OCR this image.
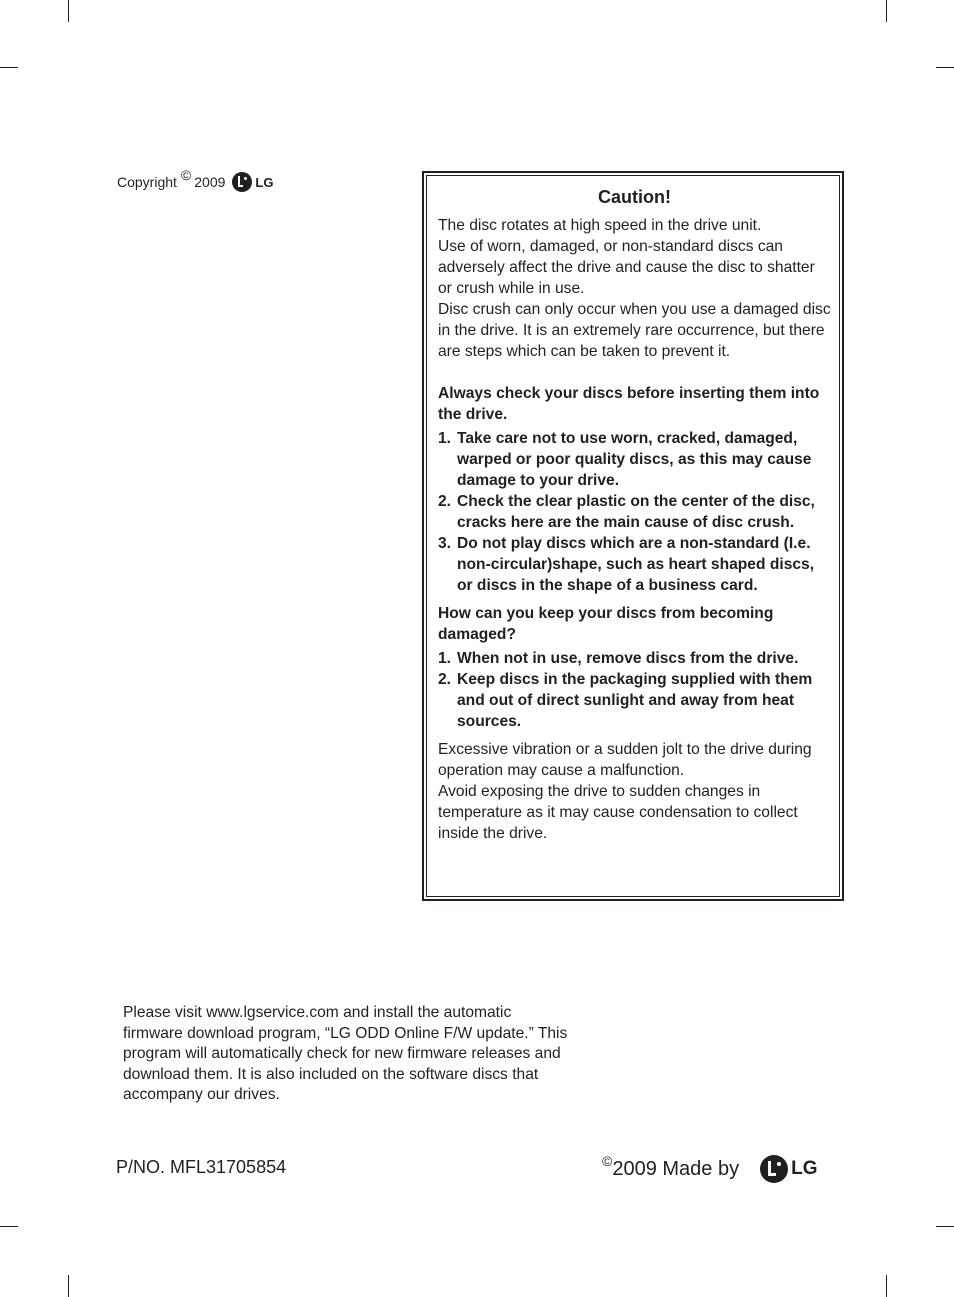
Copyright © 2009 LG
Caution!

The disc rotates at high speed in the drive unit.

Use of worn, damaged, or non-standard discs can adversely affect the drive and cause the disc to shatter or crush while in use.

Disc crush can only occur when you use a damaged disc in the drive. It is an extremely rare occurrence, but there are steps which can be taken to prevent it.

Always check your discs before inserting them into the drive.

1. Take care not to use worn, cracked, damaged, warped or poor quality discs, as this may cause damage to your drive.
2. Check the clear plastic on the center of the disc, cracks here are the main cause of disc crush.
3. Do not play discs which are a non-standard (I.e. non-circular)shape, such as heart shaped discs, or discs in the shape of a business card.

How can you keep your discs from becoming damaged?

1. When not in use, remove discs from the drive.
2. Keep discs in the packaging supplied with them and out of direct sunlight and away from heat sources.

Excessive vibration or a sudden jolt to the drive during operation may cause a malfunction.

Avoid exposing the drive to sudden changes in temperature as it may cause condensation to collect inside the drive.

Please visit www.lgservice.com and install the automatic firmware download program, “LG ODD Online F/W update.” This program will automatically check for new firmware releases and download them. It is also included on the software discs that accompany our drives.

P/NO. MFL31705854	© 2009 Made by	LG
